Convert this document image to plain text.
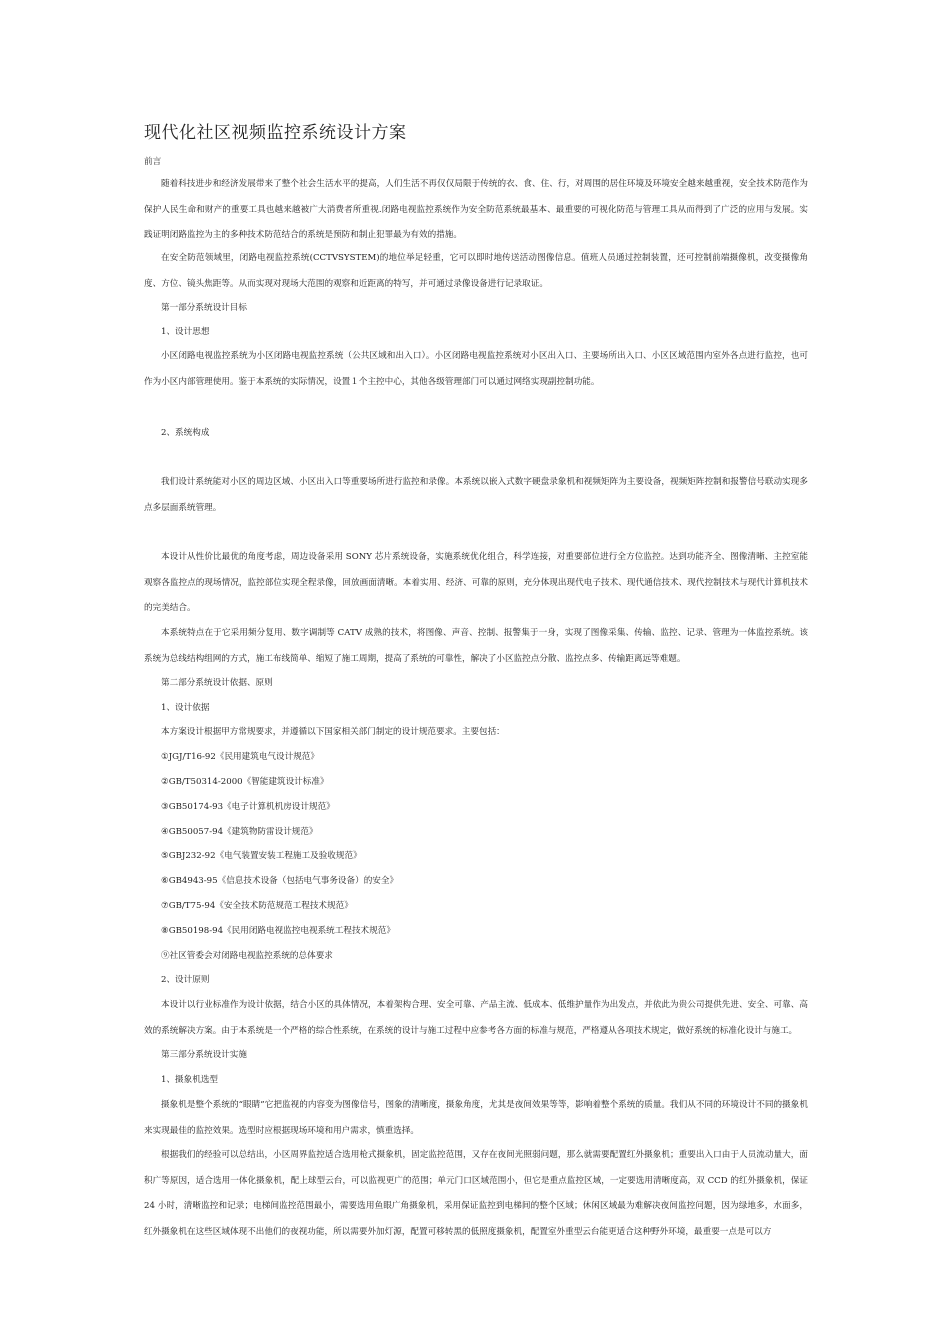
现代化社区视频监控系统设计方案
前言
随着科技进步和经济发展带来了整个社会生活水平的提高，人们生活不再仅仅局限于传统的衣、食、住、行，对周围的居住环境及环境安全越来越重视，安全技术防范作为保护人民生命和财产的重要工具也越来越被广大消费者所重视.闭路电视监控系统作为安全防范系统最基本、最重要的可视化防范与管理工具从而得到了广泛的应用与发展。实践证明闭路监控为主的多种技术防范结合的系统是预防和制止犯罪最为有效的措施。
在安全防范领域里，闭路电视监控系统(CCTVSYSTEM)的地位举足轻重，它可以即时地传送活动图像信息。值班人员通过控制装置，还可控制前端摄像机，改变摄像角度、方位、镜头焦距等。从而实现对现场大范围的观察和近距离的特写，并可通过录像设备进行记录取证。
第一部分系统设计目标
1、设计思想
小区闭路电视监控系统为小区闭路电视监控系统（公共区域和出入口）。小区闭路电视监控系统对小区出入口、主要场所出入口、小区区域范围内室外各点进行监控，也可作为小区内部管理使用。鉴于本系统的实际情况，设置１个主控中心，其他各级管理部门可以通过网络实现副控制功能。
2、系统构成
我们设计系统能对小区的周边区域、小区出入口等重要场所进行监控和录像。本系统以嵌入式数字硬盘录象机和视频矩阵为主要设备，视频矩阵控制和报警信号联动实现多点多层面系统管理。
本设计从性价比最优的角度考虑，周边设备采用 SONY 芯片系统设备，实施系统优化组合，科学连接，对重要部位进行全方位监控。达到功能齐全、图像清晰、主控室能观察各监控点的现场情况，监控部位实现全程录像，回放画面清晰。本着实用、经济、可靠的原则，充分体现出现代电子技术、现代通信技术、现代控制技术与现代计算机技术的完美结合。
本系统特点在于它采用频分复用、数字调制等 CATV 成熟的技术，将图像、声音、控制、报警集于一身，实现了图像采集、传输、监控、记录、管理为一体监控系统。该系统为总线结构组网的方式，施工布线简单、缩短了施工周期，提高了系统的可靠性，解决了小区监控点分散、监控点多、传输距离远等难题。
第二部分系统设计依据、原则
1、设计依据
本方案设计根据甲方常规要求，并遵循以下国家相关部门制定的设计规范要求。主要包括：
①JGJ/T16-92《民用建筑电气设计规范》
②GB/T50314-2000《智能建筑设计标准》
③GB50174-93《电子计算机机房设计规范》
④GB50057-94《建筑物防雷设计规范》
⑤GBJ232-92《电气装置安装工程施工及验收规范》
⑥GB4943-95《信息技术设备（包括电气事务设备）的安全》
⑦GB/T75-94《安全技术防范规范工程技术规范》
⑧GB50198-94《民用闭路电视监控电视系统工程技术规范》
⑨社区管委会对闭路电视监控系统的总体要求
2、设计原则
本设计以行业标准作为设计依据，结合小区的具体情况，本着架构合理、安全可靠、产品主流、低成本、低维护量作为出发点，并依此为贵公司提供先进、安全、可靠、高效的系统解决方案。由于本系统是一个严格的综合性系统，在系统的设计与施工过程中应参考各方面的标准与规范，严格遵从各项技术规定，做好系统的标准化设计与施工。
第三部分系统设计实施
1、摄象机选型
摄象机是整个系统的“眼睛”它把监视的内容变为图像信号，图象的清晰度，摄象角度，尤其是夜间效果等等，影响着整个系统的质量。我们从不同的环境设计不同的摄象机来实现最佳的监控效果。选型时应根据现场环境和用户需求，慎重选择。
根据我们的经验可以总结出，小区周界监控适合选用枪式摄象机，固定监控范围，又存在夜间光照弱问题，那么就需要配置红外摄象机；重要出入口由于人员流动量大，面积广等原因，适合选用一体化摄象机，配上球型云台，可以监视更广的范围；单元门口区域范围小，但它是重点监控区域，一定要选用清晰度高，双 CCD 的红外摄象机，保证 24 小时，清晰监控和记录；电梯间监控范围最小，需要选用鱼眼广角摄象机，采用保证监控到电梯间的整个区域；休闲区域最为难解决夜间监控问题，因为绿地多，水面多，红外摄象机在这些区域体现不出他们的夜视功能，所以需要外加灯源，配置可移转黑的低照度摄象机，配置室外重型云台能更适合这种野外环境，最重要一点是可以方
